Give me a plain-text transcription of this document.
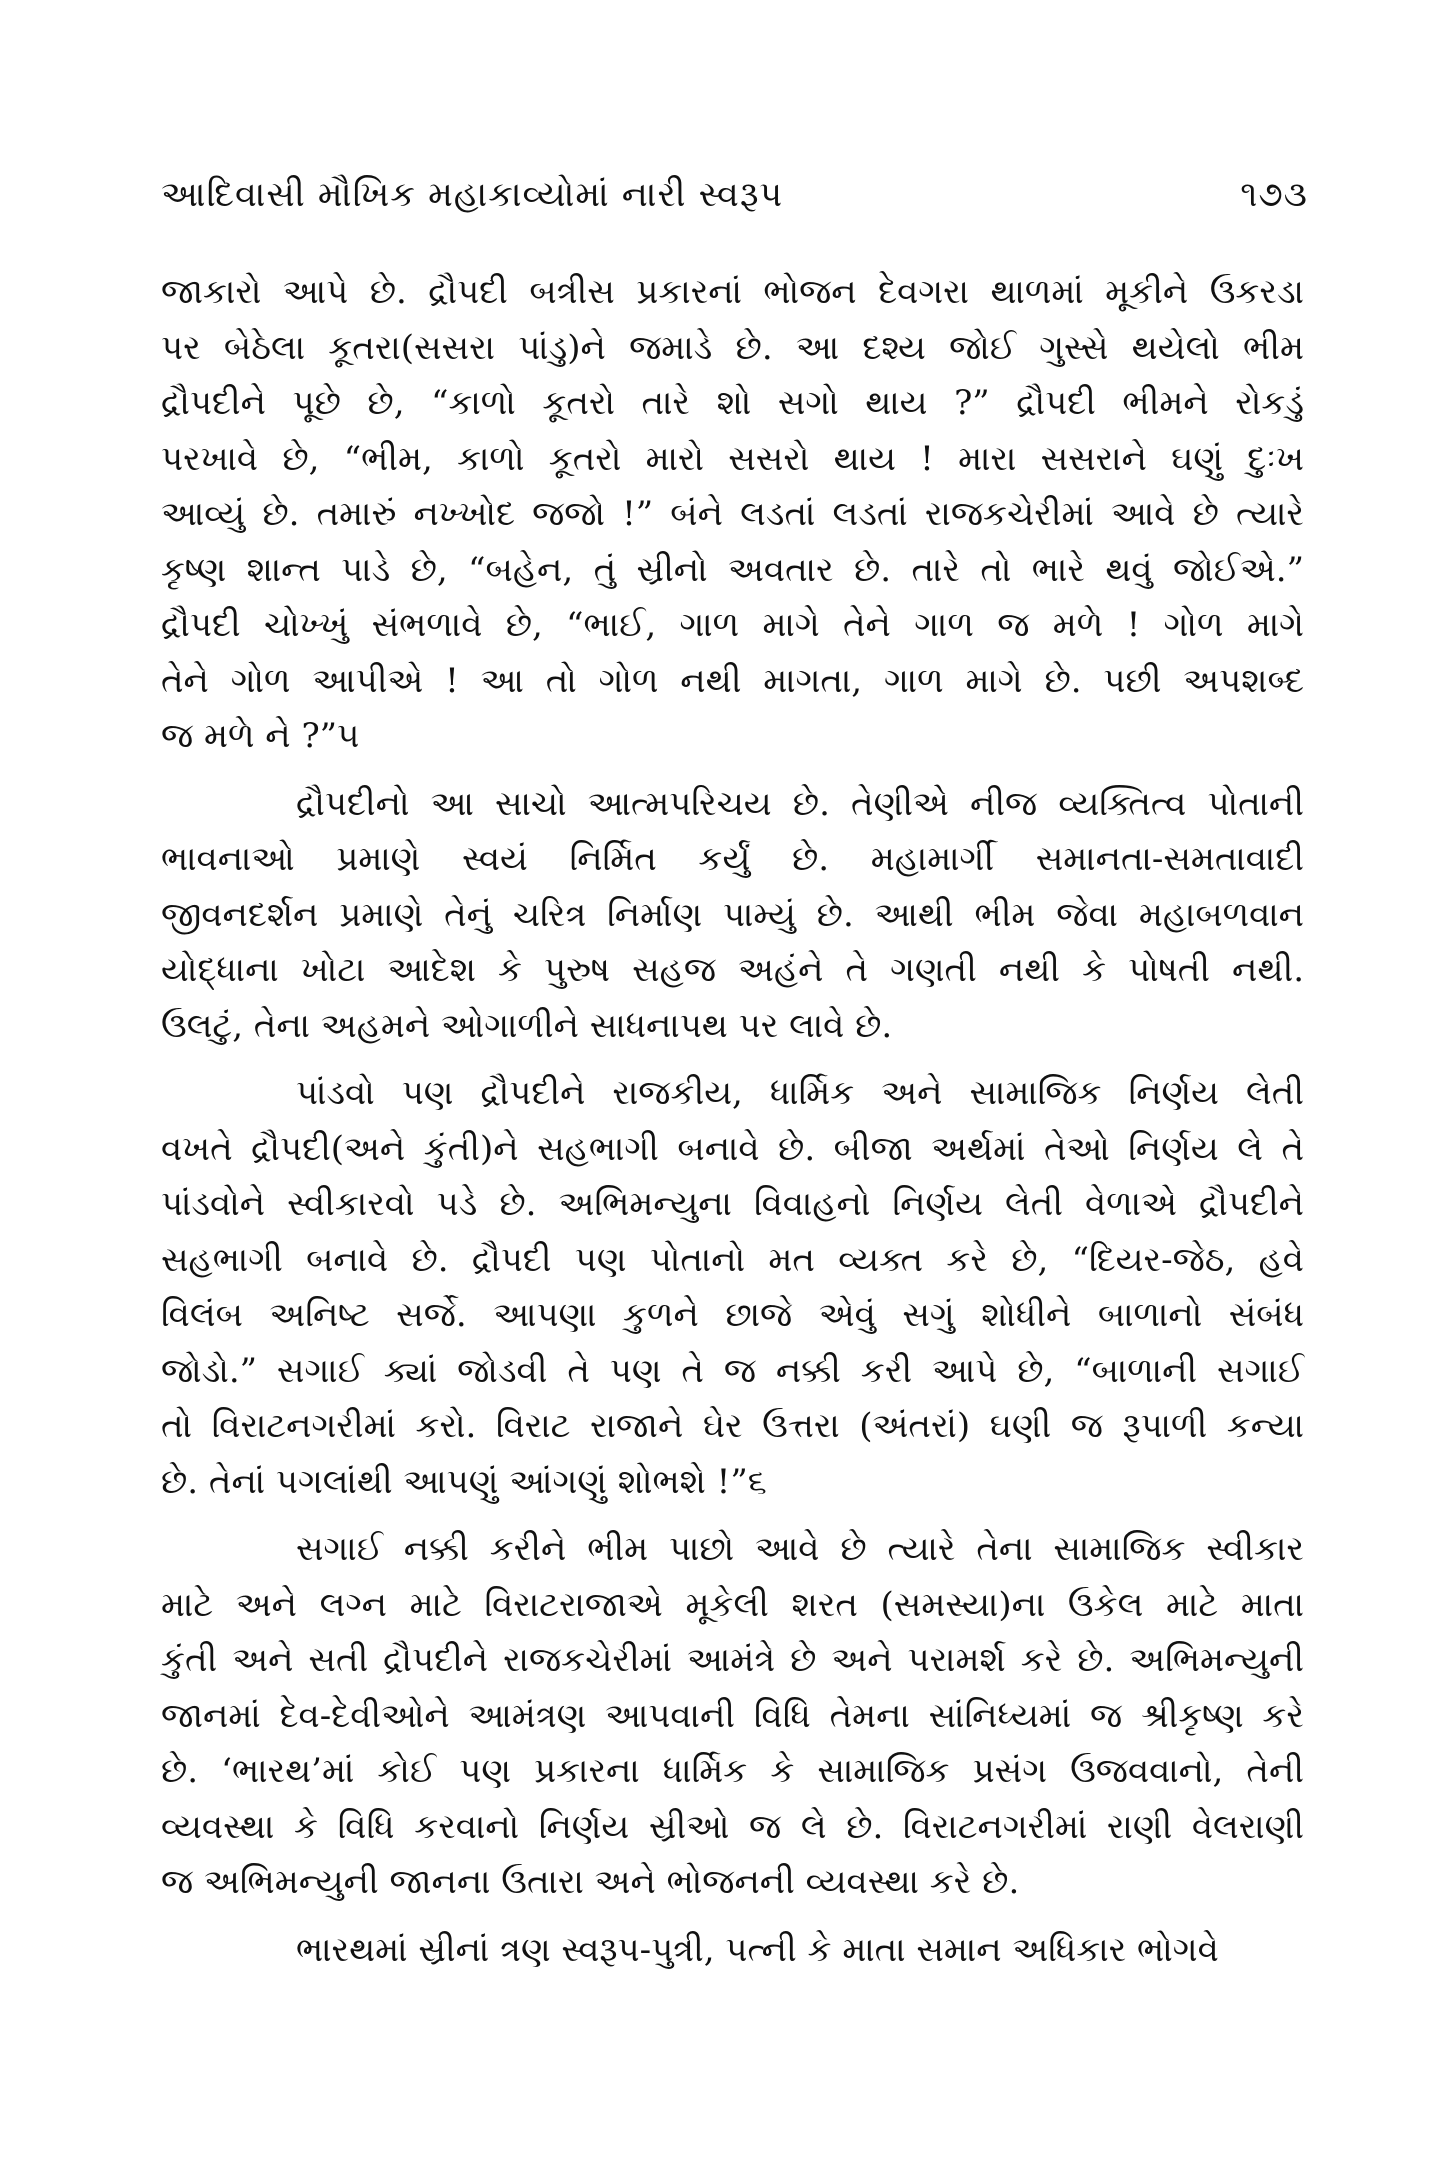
આદિવાસી મૌખિક મહાકાવ્યોમાં નારી સ્વરૂપ	૧૭૩
જાકારો આપે છે. દ્રૌપદી બત્રીસ પ્રકારનાં ભોજન દેવગરા થાળમાં મૂકીને ઉકરડા
પર બેઠેલા કૂતરા(સસરા પાંડુ)ને જમાડે છે. આ દશ્ય જોઈ ગુસ્સે થયેલો ભીમ
દ્રૌપદીને પૂછે છે, “કાળો કૂતરો તારે શો સગો થાય ?” દ્રૌપદી ભીમને રોકડું
પરખાવે છે, “ભીમ, કાળો કૂતરો મારો સસરો થાય ! મારા સસરાને ઘણું દુઃખ
આવ્યું છે. તમારું નખ્ખોદ જજો !” બંને લડતાં લડતાં રાજકચેરીમાં આવે છે ત્યારે
કૃષ્ણ શાન્ત પાડે છે, “બહેન, તું સ્રીનો અવતાર છે. તારે તો ભારે થવું જોઈએ.”
દ્રૌપદી ચોખ્ખું સંભળાવે છે, “ભાઈ, ગાળ માગે તેને ગાળ જ મળે ! ગોળ માગે
તેને ગોળ આપીએ ! આ તો ગોળ નથી માગતા, ગાળ માગે છે. પછી અપશબ્દ
જ મળે ને ?”૫
દ્રૌપદીનો આ સાચો આત્મપરિચય છે. તેણીએ નીજ વ્યક્તિત્વ પોતાની
ભાવનાઓ પ્રમાણે સ્વયં નિર્મિત કર્યું છે. મહામાર્ગી સમાનતા-સમતાવાદી
જીવનદર્શન પ્રમાણે તેનું ચરિત્ર નિર્માણ પામ્યું છે. આથી ભીમ જેવા મહાબળવાન
યોદ્ધાના ખોટા આદેશ કે પુરુષ સહજ અહંને તે ગણતી નથી કે પોષતી નથી.
ઉલટું, તેના અહમને ઓગાળીને સાધનાપથ પર લાવે છે.
પાંડવો પણ દ્રૌપદીને રાજકીય, ધાર્મિક અને સામાજિક નિર્ણય લેતી
વખતે દ્રૌપદી(અને કુંતી)ને સહભાગી બનાવે છે. બીજા અર્થમાં તેઓ નિર્ણય લે તે
પાંડવોને સ્વીકારવો પડે છે. અભિમન્યુના વિવાહનો નિર્ણય લેતી વેળાએ દ્રૌપદીને
સહભાગી બનાવે છે. દ્રૌપદી પણ પોતાનો મત વ્યક્ત કરે છે, “દિયર-જેઠ, હવે
વિલંબ અનિષ્ટ સર્જે. આપણા કુળને છાજે એવું સગું શોધીને બાળાનો સંબંધ
જોડો.” સગાઈ ક્યાં જોડવી તે પણ તે જ નક્કી કરી આપે છે, “બાળાની સગાઈ
તો વિરાટનગરીમાં કરો. વિરાટ રાજાને ઘેર ઉત્તરા (અંતરાં) ઘણી જ રૂપાળી કન્યા
છે. તેનાં પગલાંથી આપણું આંગણું શોભશે !”૬
સગાઈ નક્કી કરીને ભીમ પાછો આવે છે ત્યારે તેના સામાજિક સ્વીકાર
માટે અને લગ્ન માટે વિરાટરાજાએ મૂકેલી શરત (સમસ્યા)ના ઉકેલ માટે માતા
કુંતી અને સતી દ્રૌપદીને રાજકચેરીમાં આમંત્રે છે અને પરામર્શ કરે છે. અભિમન્યુની
જાનમાં દેવ-દેવીઓને આમંત્રણ આપવાની વિધિ તેમના સાંનિધ્યમાં જ શ્રીકૃષ્ણ કરે
છે. ‘ભારથ’માં કોઈ પણ પ્રકારના ધાર્મિક કે સામાજિક પ્રસંગ ઉજવવાનો, તેની
વ્યવસ્થા કે વિધિ કરવાનો નિર્ણય સ્રીઓ જ લે છે. વિરાટનગરીમાં રાણી વેલરાણી
જ અભિમન્યુની જાનના ઉતારા અને ભોજનની વ્યવસ્થા કરે છે.
ભારથમાં સ્રીનાં ત્રણ સ્વરૂપ-પુત્રી, પત્ની કે માતા સમાન અધિકાર ભોગવે
